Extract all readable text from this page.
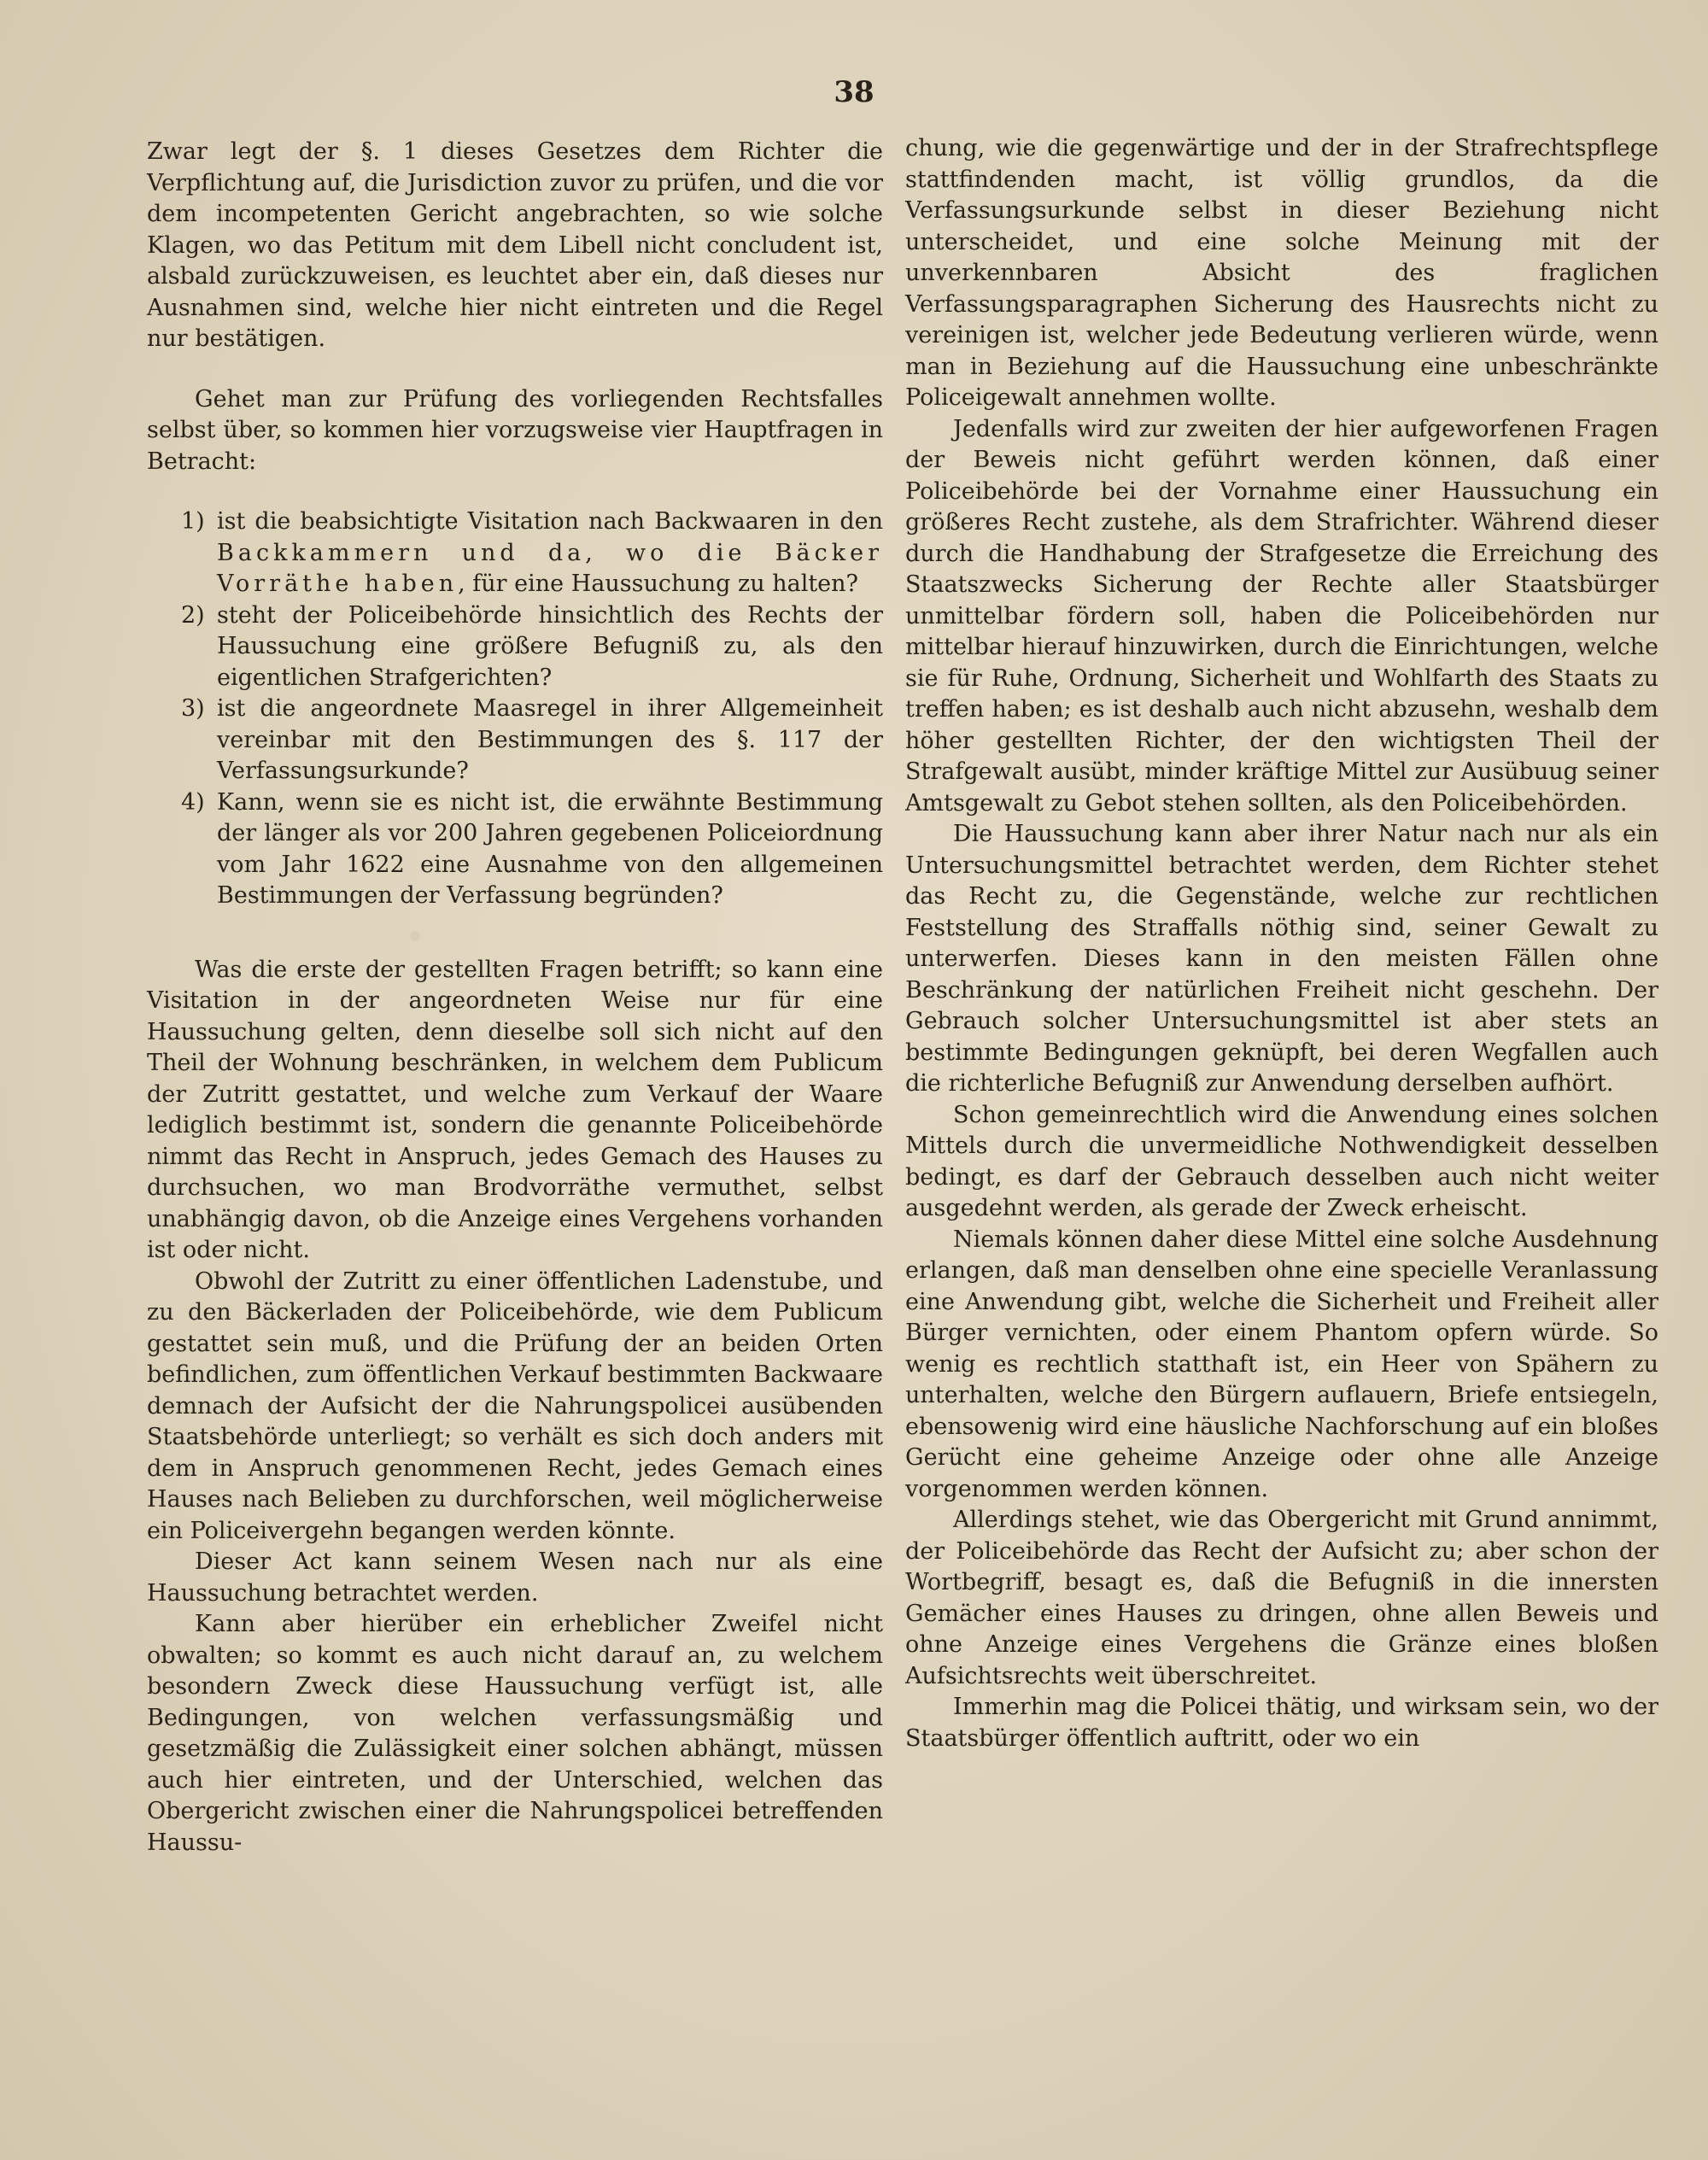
38

Zwar legt der §. 1 dieses Gesetzes dem Richter die Verpflichtung auf, die Jurisdiction zuvor zu prüfen, und die vor dem incompetenten Gericht angebrachten, so wie solche Klagen, wo das Petitum mit dem Libell nicht concludent ist, alsbald zurückzuweisen, es leuchtet aber ein, daß dieses nur Ausnahmen sind, welche hier nicht eintreten und die Regel nur bestätigen.

Gehet man zur Prüfung des vorliegenden Rechtsfalles selbst über, so kommen hier vorzugsweise vier Hauptfragen in Betracht:

1) ist die beabsichtigte Visitation nach Backwaaren in den Backkammern und da, wo die Bäcker Vorräthe haben, für eine Haussuchung zu halten?
2) steht der Policeibehörde hinsichtlich des Rechts der Haussuchung eine größere Befugniß zu, als den eigentlichen Strafgerichten?
3) ist die angeordnete Maasregel in ihrer Allgemeinheit vereinbar mit den Bestimmungen des §. 117 der Verfassungsurkunde?
4) Kann, wenn sie es nicht ist, die erwähnte Bestimmung der länger als vor 200 Jahren gegebenen Policeiordnung vom Jahr 1622 eine Ausnahme von den allgemeinen Bestimmungen der Verfassung begründen?

Was die erste der gestellten Fragen betrifft; so kann eine Visitation in der angeordneten Weise nur für eine Haussuchung gelten, denn dieselbe soll sich nicht auf den Theil der Wohnung beschränken, in welchem dem Publicum der Zutritt gestattet, und welche zum Verkauf der Waare lediglich bestimmt ist, sondern die genannte Policeibehörde nimmt das Recht in Anspruch, jedes Gemach des Hauses zu durchsuchen, wo man Brodvorräthe vermuthet, selbst unabhängig davon, ob die Anzeige eines Vergehens vorhanden ist oder nicht.

Obwohl der Zutritt zu einer öffentlichen Ladenstube, und zu den Bäckerladen der Policeibehörde, wie dem Publicum gestattet sein muß, und die Prüfung der an beiden Orten befindlichen, zum öffentlichen Verkauf bestimmten Backwaare demnach der Aufsicht der die Nahrungspolicei ausübenden Staatsbehörde unterliegt; so verhält es sich doch anders mit dem in Anspruch genommenen Recht, jedes Gemach eines Hauses nach Belieben zu durchforschen, weil möglicherweise ein Policeivergehn begangen werden könnte.

Dieser Act kann seinem Wesen nach nur als eine Haussuchung betrachtet werden.

Kann aber hierüber ein erheblicher Zweifel nicht obwalten; so kommt es auch nicht darauf an, zu welchem besondern Zweck diese Haussuchung verfügt ist, alle Bedingungen, von welchen verfassungsmäßig und gesetzmäßig die Zulässigkeit einer solchen abhängt, müssen auch hier eintreten, und der Unterschied, welchen das Obergericht zwischen einer die Nahrungspolicei betreffenden Haussu-

chung, wie die gegenwärtige und der in der Strafrechtspflege stattfindenden macht, ist völlig grundlos, da die Verfassungsurkunde selbst in dieser Beziehung nicht unterscheidet, und eine solche Meinung mit der unverkennbaren Absicht des fraglichen Verfassungsparagraphen Sicherung des Hausrechts nicht zu vereinigen ist, welcher jede Bedeutung verlieren würde, wenn man in Beziehung auf die Haussuchung eine unbeschränkte Policeigewalt annehmen wollte.

Jedenfalls wird zur zweiten der hier aufgeworfenen Fragen der Beweis nicht geführt werden können, daß einer Policeibehörde bei der Vornahme einer Haussuchung ein größeres Recht zustehe, als dem Strafrichter. Während dieser durch die Handhabung der Strafgesetze die Erreichung des Staatszwecks Sicherung der Rechte aller Staatsbürger unmittelbar fördern soll, haben die Policeibehörden nur mittelbar hierauf hinzuwirken, durch die Einrichtungen, welche sie für Ruhe, Ordnung, Sicherheit und Wohlfarth des Staats zu treffen haben; es ist deshalb auch nicht abzusehn, weshalb dem höher gestellten Richter, der den wichtigsten Theil der Strafgewalt ausübt, minder kräftige Mittel zur Ausübuug seiner Amtsgewalt zu Gebot stehen sollten, als den Policeibehörden.

Die Haussuchung kann aber ihrer Natur nach nur als ein Untersuchungsmittel betrachtet werden, dem Richter stehet das Recht zu, die Gegenstände, welche zur rechtlichen Feststellung des Straffalls nöthig sind, seiner Gewalt zu unterwerfen. Dieses kann in den meisten Fällen ohne Beschränkung der natürlichen Freiheit nicht geschehn. Der Gebrauch solcher Untersuchungsmittel ist aber stets an bestimmte Bedingungen geknüpft, bei deren Wegfallen auch die richterliche Befugniß zur Anwendung derselben aufhört.

Schon gemeinrechtlich wird die Anwendung eines solchen Mittels durch die unvermeidliche Nothwendigkeit desselben bedingt, es darf der Gebrauch desselben auch nicht weiter ausgedehnt werden, als gerade der Zweck erheischt.

Niemals können daher diese Mittel eine solche Ausdehnung erlangen, daß man denselben ohne eine specielle Veranlassung eine Anwendung gibt, welche die Sicherheit und Freiheit aller Bürger vernichten, oder einem Phantom opfern würde. So wenig es rechtlich statthaft ist, ein Heer von Spähern zu unterhalten, welche den Bürgern auflauern, Briefe entsiegeln, ebensowenig wird eine häusliche Nachforschung auf ein bloßes Gerücht eine geheime Anzeige oder ohne alle Anzeige vorgenommen werden können.

Allerdings stehet, wie das Obergericht mit Grund annimmt, der Policeibehörde das Recht der Aufsicht zu; aber schon der Wortbegriff, besagt es, daß die Befugniß in die innersten Gemächer eines Hauses zu dringen, ohne allen Beweis und ohne Anzeige eines Vergehens die Gränze eines bloßen Aufsichtsrechts weit überschreitet.

Immerhin mag die Policei thätig, und wirksam sein, wo der Staatsbürger öffentlich auftritt, oder wo ein
